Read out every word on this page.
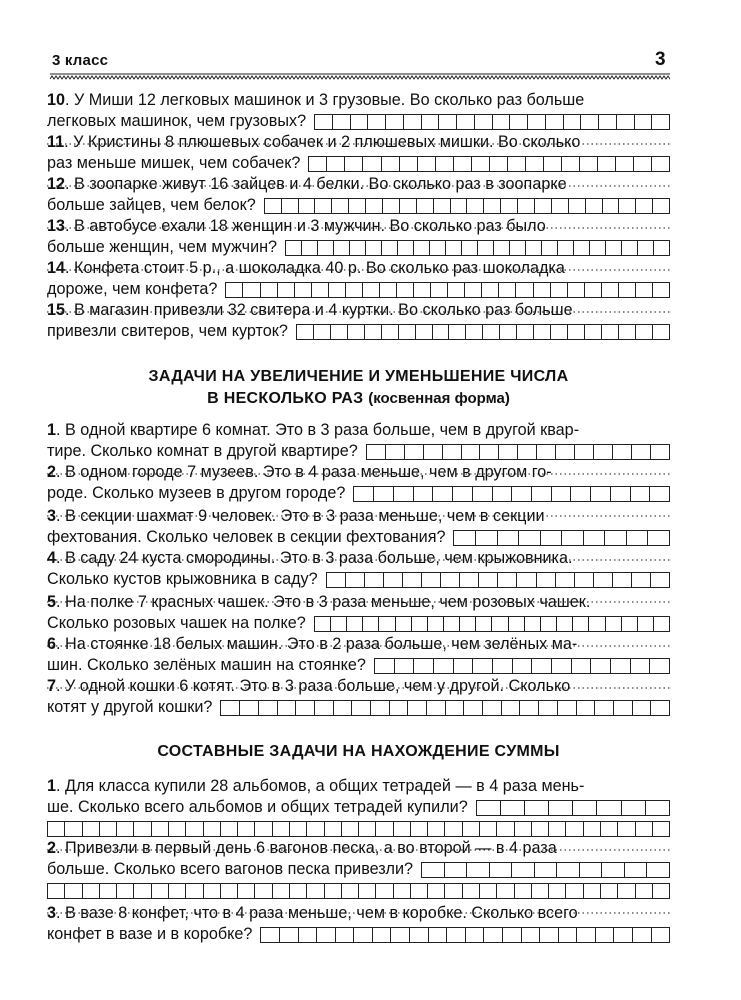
3 класс	3
10. У Миши 12 легковых машинок и 3 грузовые. Во сколько раз больше
легковых машинок, чем грузовых?
11. У Кристины 8 плюшевых собачек и 2 плюшевых мишки. Во сколько
раз меньше мишек, чем собачек?
12. В зоопарке живут 16 зайцев и 4 белки. Во сколько раз в зоопарке
больше зайцев, чем белок?
13. В автобусе ехали 18 женщин и 3 мужчин. Во сколько раз было
больше женщин, чем мужчин?
14. Конфета стоит 5 р., а шоколадка 40 р. Во сколько раз шоколадка
дороже, чем конфета?
15. В магазин привезли 32 свитера и 4 куртки. Во сколько раз больше
привезли свитеров, чем курток?
ЗАДАЧИ НА УВЕЛИЧЕНИЕ И УМЕНЬШЕНИЕ ЧИСЛА
В НЕСКОЛЬКО РАЗ (косвенная форма)
1. В одной квартире 6 комнат. Это в 3 раза больше, чем в другой квар-
тире. Сколько комнат в другой квартире?
2. В одном городе 7 музеев. Это в 4 раза меньше, чем в другом го-
роде. Сколько музеев в другом городе?
3. В секции шахмат 9 человек. Это в 3 раза меньше, чем в секции
фехтования. Сколько человек в секции фехтования?
4. В саду 24 куста смородины. Это в 3 раза больше, чем крыжовника.
Сколько кустов крыжовника в саду?
5. На полке 7 красных чашек. Это в 3 раза меньше, чем розовых чашек.
Сколько розовых чашек на полке?
6. На стоянке 18 белых машин. Это в 2 раза больше, чем зелёных ма-
шин. Сколько зелёных машин на стоянке?
7. У одной кошки 6 котят. Это в 3 раза больше, чем у другой. Сколько
котят у другой кошки?
СОСТАВНЫЕ ЗАДАЧИ НА НАХОЖДЕНИЕ СУММЫ
1. Для класса купили 28 альбомов, а общих тетрадей — в 4 раза мень-
ше. Сколько всего альбомов и общих тетрадей купили?
2. Привезли в первый день 6 вагонов песка, а во второй — в 4 раза
больше. Сколько всего вагонов песка привезли?
3. В вазе 8 конфет, что в 4 раза меньше, чем в коробке. Сколько всего
конфет в вазе и в коробке?
